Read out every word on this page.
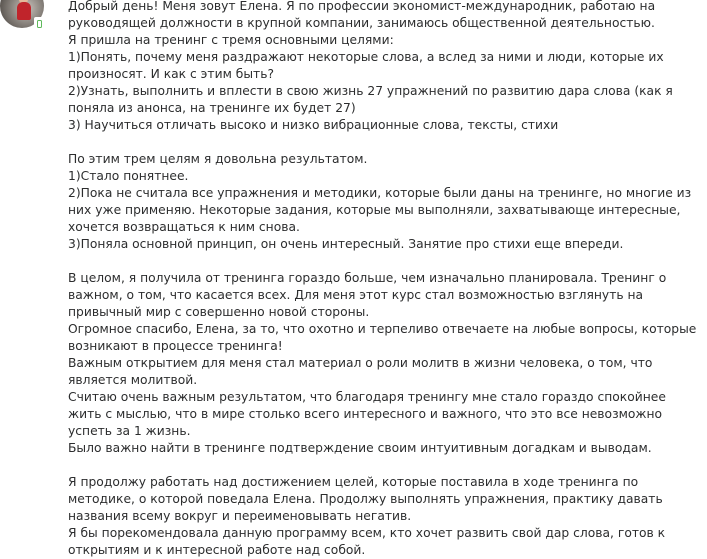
Добрый день! Меня зовут Елена. Я по профессии экономист-международник, работаю на руководящей должности в крупной компании, занимаюсь общественной деятельностью.

Я пришла на тренинг с тремя основными целями:

1)Понять, почему меня раздражают некоторые слова, а вслед за ними и люди, которые их произносят. И как с этим быть?

2)Узнать, выполнить и вплести в свою жизнь 27 упражнений по развитию дара слова (как я поняла из анонса, на тренинге их будет 27)

3) Научиться отличать высоко и низко вибрационные слова, тексты, стихи

По этим трем целям я довольна результатом.

1)Стало понятнее.

2)Пока не считала все упражнения и методики, которые были даны на тренинге, но многие из них уже применяю. Некоторые задания, которые мы выполняли, захватывающе интересные, хочется возвращаться к ним снова.

3)Поняла основной принцип, он очень интересный. Занятие про стихи еще впереди.

В целом, я получила от тренинга гораздо больше, чем изначально планировала. Тренинг о важном, о том, что касается всех. Для меня этот курс стал возможностью взглянуть на привычный мир с совершенно новой стороны.

Огромное спасибо, Елена, за то, что охотно и терпеливо отвечаете на любые вопросы, которые возникают в процессе тренинга!

Важным открытием для меня стал материал о роли молитв в жизни человека, о том, что является молитвой.

Считаю очень важным результатом, что благодаря тренингу мне стало гораздо спокойнее жить с мыслью, что в мире столько всего интересного и важного, что это все невозможно успеть за 1 жизнь.

Было важно найти в тренинге подтверждение своим интуитивным догадкам и выводам.

Я продолжу работать над достижением целей, которые поставила в ходе тренинга по методике, о которой поведала Елена. Продолжу выполнять упражнения, практику давать названия всему вокруг и переименовывать негатив.

Я бы порекомендовала данную программу всем, кто хочет развить свой дар слова, готов к открытиям и к интересной работе над собой.
